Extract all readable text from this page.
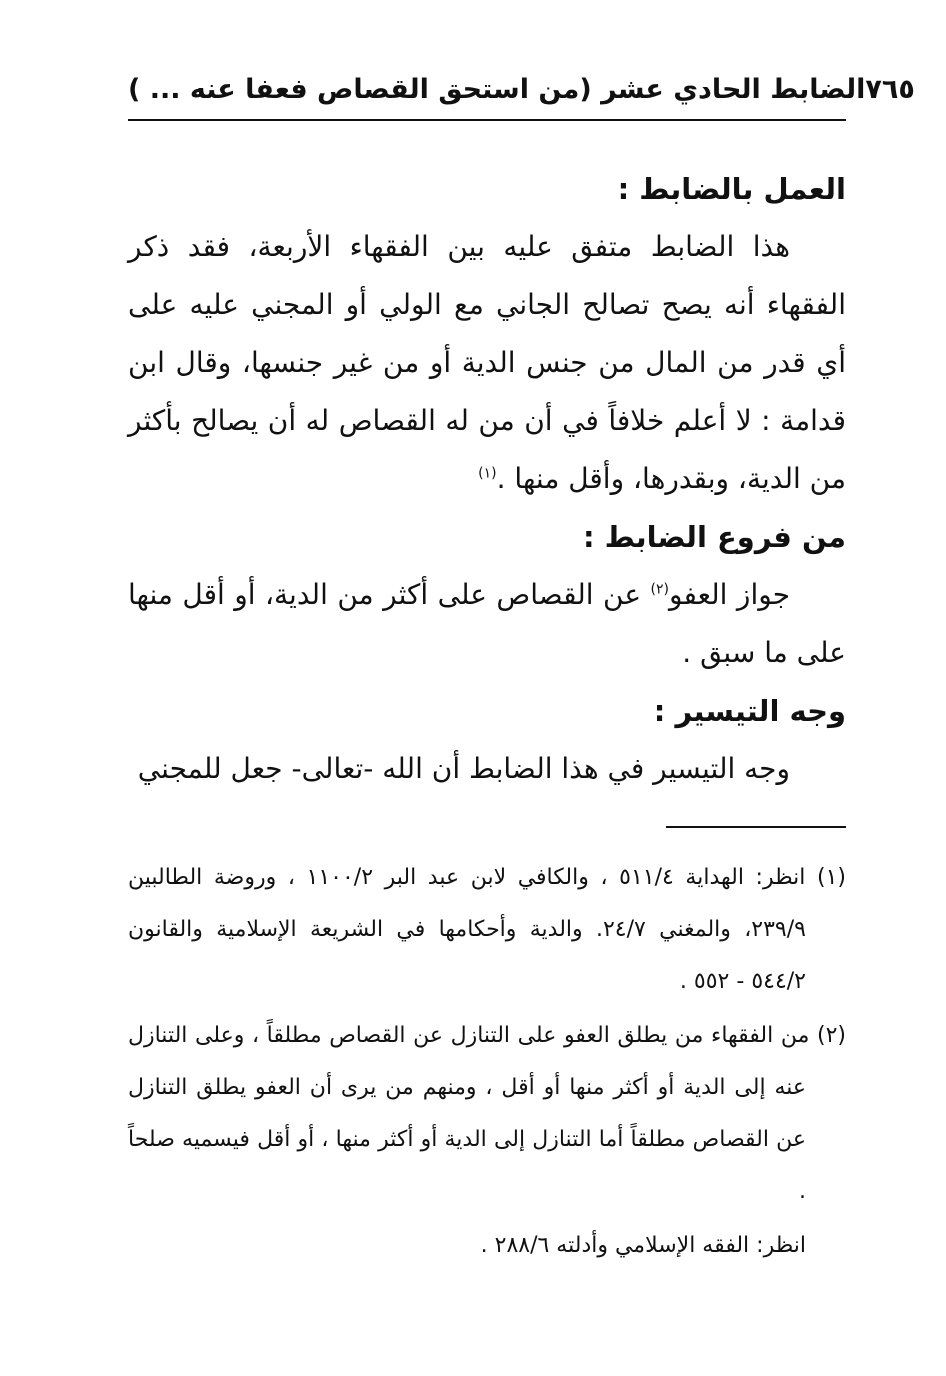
الضابط الحادي عشر (من استحق القصاص فعفا عنه ... ) ٧٦٥

العمل بالضابط :

هذا الضابط متفق عليه بين الفقهاء الأربعة، فقد ذكر الفقهاء أنه يصح تصالح الجاني مع الولي أو المجني عليه على أي قدر من المال من جنس الدية أو من غير جنسها، وقال ابن قدامة : لا أعلم خلافاً في أن من له القصاص له أن يصالح بأكثر من الدية، وبقدرها، وأقل منها .$^{(١)}$

من فروع الضابط :

جواز العفو$^{(٢)}$ عن القصاص على أكثر من الدية، أو أقل منها على ما سبق .

وجه التيسير :

وجه التيسير في هذا الضابط أن الله -تعالى- جعل للمجني

(١) انظر: الهداية ٥١١/٤ ، والكافي لابن عبد البر ١١٠٠/٢ ، وروضة الطالبين ٢٣٩/٩، والمغني ٢٤/٧. والدية وأحكامها في الشريعة الإسلامية والقانون ٥٤٤/٢ - ٥٥٢ .

(٢) من الفقهاء من يطلق العفو على التنازل عن القصاص مطلقاً ، وعلى التنازل عنه إلى الدية أو أكثر منها أو أقل ، ومنهم من يرى أن العفو يطلق التنازل عن القصاص مطلقاً أما التنازل إلى الدية أو أكثر منها ، أو أقل فيسميه صلحاً .

انظر: الفقه الإسلامي وأدلته ٢٨٨/٦ .
